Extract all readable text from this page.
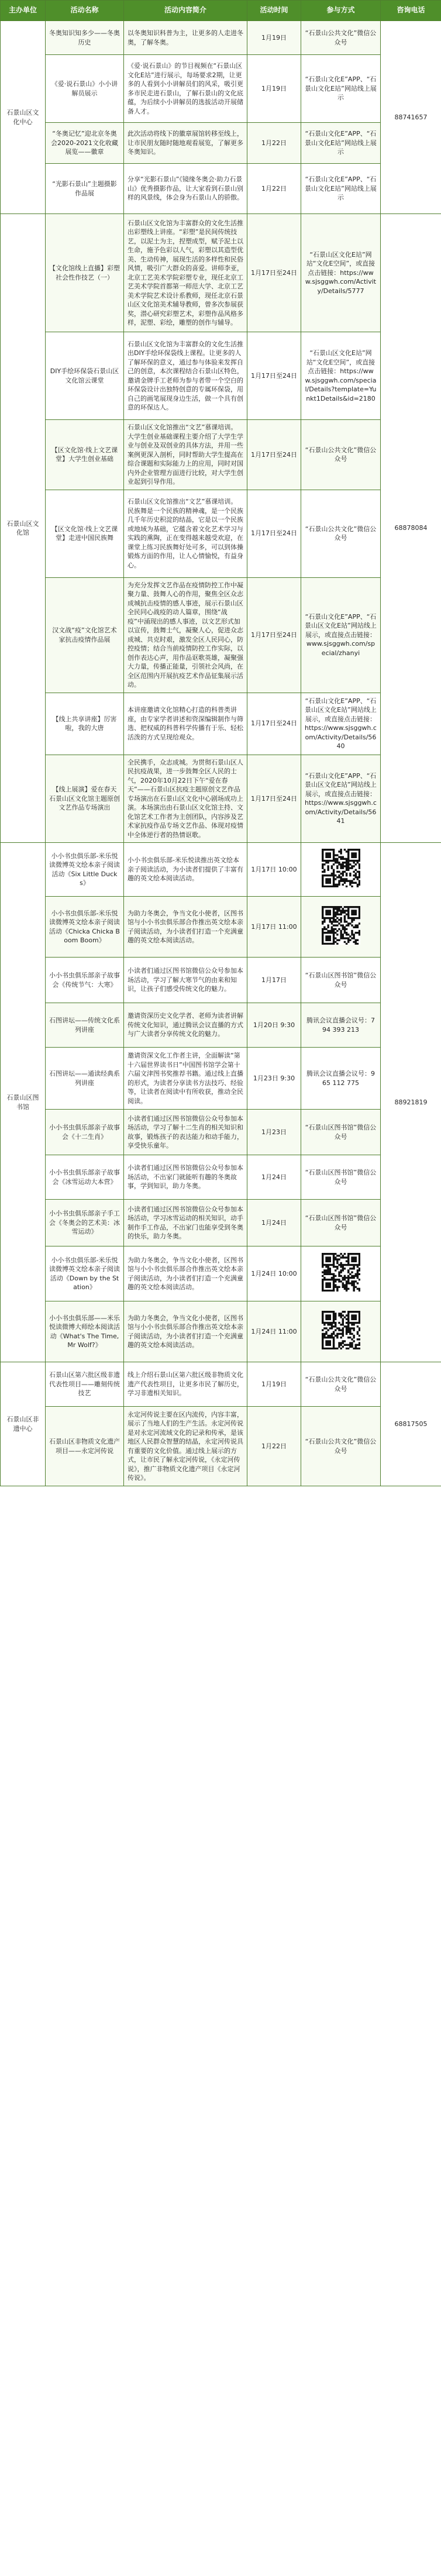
主办单位	活动名称	活动内容简介	活动时间	参与方式	咨询电话
石景山区文化中心	冬奥知识知多少——冬奥历史	以冬奥知识科普为主，让更多的人走进冬奥，了解冬奥。	1月19日	“石景山公共文化”微信公众号	88741657
	《爱·说石景山》小小讲解员展示	《爱·说石景山》的节目视频在“石景山区文化E站”进行展示，每场要求2期，让更多的人看到小小讲解员们的风采，吸引更多市民走进石景山，了解石景山的文化底蕴，为后续小小讲解员的选拔活动开展储备人才。	1月19日	“石景山文化E”APP、“石景山文化E站”网站线上展示	
	“冬奥记忆”迎北京冬奥会2020-2021文化收藏展览——徽章	此次活动将线下的徽章展馆转移至线上，让市民朋友随时随地观看展览，了解更多冬奥知识。	1月22日	“石景山文化E”APP、“石景山文化E站”网站线上展示	
	“光影石景山”主题摄影作品展	分享“光影石景山”《镜缘冬奥会·助力石景山》优秀摄影作品，让大家看到石景山别样的风景线，体会身为石景山人的骄傲。	1月22日	“石景山文化E”APP、“石景山文化E站”网站线上展示	
石景山区文化馆	【文化馆线上直播】彩塑社会性作技艺（一）	石景山区文化馆为丰富群众的文化生活推出彩塑线上讲座。“彩塑”是民间传统技艺，以泥土为主，捏塑成型，赋予泥土以生命，施予色彩以人气，彩塑以其造型优美、生动传神，展现生活的多样性和民俗风情，吸引广大群众的喜爱。讲师李亚，北京工艺美术学院彩塑专业，现任北京工艺美术学院首都第一师范大学、北京工艺美术学院艺术设计系教师，现任北京石景山区文化馆美术辅导教师，曾多次参展获奖，潜心研究彩塑艺术，彩塑作品风格多样，泥塑、彩绘，雕塑的创作与辅导。	1月17日至24日	“石景山区文化E站”网站“文化E空间”，或直接点击链接：https://www.sjsggwh.com/Activity/Details/5777	68878084
	DIY手绘环保袋石景山区文化馆云课堂	石景山区文化馆为丰富群众的文化生活推出DIY手绘环保袋线上课程。让更多的人了解环保的意义，通过参与体验来发挥自己的创意，本次课程结合石景山区特色，邀请金牌手工老师为参与者带一个空白的环保袋设计出独特创意的专属环保袋，用自己的画笔展现身边生活，做一个具有创意的环保达人。	1月17日至24日	“石景山区文化E站”网站“文化E空间”，或直接点击链接：https://www.sjsggwh.com/special/Details?template=Yunkt1Details&id=2180	
	【区文化馆·线上文艺课堂】大学生创业基础	石景山区文化馆推出“文艺”慕课培训。大学生创业基础课程主要介绍了大学生学业与创业及双创业的具体方法，并用一些案例更深入剖析，同时帮助大学生提高在综合课题和实际能力上的应用，同时对国内外企业管理方面进行比较，对大学生创业起到引导作用。	1月17日至24日	“石景山公共文化”微信公众号	
	【区文化馆·线上文艺课堂】走进中国民族舞	石景山区文化馆推出“文艺”慕课培训。民族舞是一个民族的精神魂，是一个民族几千年历史积淀的结晶，它是以一个民族或地域为基础，它蕴含着文化艺术学习与实践的熏陶，正在变得越来越受欢迎，在课堂上练习民族舞好处可多，可以到体操锻炼方面的作用，让人心情愉悦，有益身心。	1月17日至24日	“石景山公共文化”微信公众号	
	汉文战“疫”文化馆艺术家抗击疫情作品展	为充分发挥文艺作品在疫情防控工作中凝聚力量、鼓舞人心的作用，聚焦全区众志成城抗击疫情的感人事迹，展示石景山区全民同心战疫的动人篇章，围绕“战疫”中涌现出的感人事迹，以文艺形式加以宣传，鼓舞士气，凝聚人心，促进众志成城、共克时艰，激发全区人民同心，防控疫情；结合当前疫情防控工作实际，以创作表达心声，用作品讴歌英雄，凝聚强大力量，传播正能量，引领社会风尚，在全区范围内开展抗疫艺术作品征集展示活动。	1月17日至24日	“石景山文化E”APP、“石景山区文化E站”网站线上展示，或直接点击链接：www.sjsggwh.com/special/zhanyi	
	【线上共享讲座】厉害啦，我的大唐	本讲座邀请文化馆精心打造的科普类讲座，由专家学者讲述和资深编辑制作与筛选、把权威的科普科学传播有于乐、轻松活泼的方式呈现给观众。	1月17日至24日	“石景山文化E”APP、“石景山区文化E站”网站线上展示，或直接点击链接：https://www.sjsggwh.com/Activity/Details/5640	
	【线上展演】爱在春天 石景山区文化馆主题原创文艺作品专场演出	全民携手，众志成城。为贯彻石景山区人民抗疫战果，进一步鼓舞全区人民的士气，2020年10月22日下午“爱在春天”——石景山区抗疫主题原创文艺作品专场演出在石景山区文化中心剧场成功上演。本场演出由石景山区文化馆主持、文化馆艺术工作者为主创团队，内容涉及艺术家抗疫作品专场文艺作品、体现对疫情中全体逆行者的热情讴歌。	1月17日至24日	“石景山文化E”APP、“石景山区文化E站”网站线上展示，或直接点击链接：https://www.sjsggwh.com/Activity/Details/5641	
石景山区图书馆	小小书虫俱乐部-米乐悦读微博英文绘本亲子阅读活动《Six Little Ducks》	小小书虫俱乐部-米乐悦读推出英文绘本亲子阅读活动，为小读者们提供了丰富有趣的英文绘本阅读活动。	1月17日 10:00		88921819
	小小书虫俱乐部-米乐悦读微博英文绘本亲子阅读活动《Chicka Chicka Boom Boom》	为助力冬奥会，争当文化小使者，区图书馆与小小书虫俱乐部合作推出英文绘本亲子阅读活动，为小读者们打造一个充满童趣的英文绘本阅读活动。	1月17日 11:00	

	小小书虫俱乐部亲子故事会《传统节气：大寒》	小读者们通过区图书馆微信公众号参加本场活动，学习了解大寒节气的由来和知识，让孩子们感受传统文化的魅力。	1月17日	“石景山区图书馆”微信公众号	
	石图讲坛——传统文化系列讲座	邀请资深历史文化学者、老师为读者讲解传统文化知识，通过腾讯会议直播的方式与广大读者分享传统文化的魅力。	1月20日 9:30	腾讯会议直播会议号：794 393 213	
	石图讲坛——通读经典系列讲座	邀请资深文化工作者主讲，全面解读“第十六届世界读书日”中国图书馆学会第十六届文津图书奖推荐书籍。通过线上直播的形式，为读者分享读书方法技巧、经验等，让读者在阅读中有所收获，推动全民阅读。	1月23日 9:30	腾讯会议直播会议号：965 112 775	
	小小书虫俱乐部亲子故事会《十二生肖》	小读者们通过区图书馆微信公众号参加本场活动，学习了解十二生肖的相关知识和故事，锻炼孩子的表达能力和动手能力，享受快乐童年。	1月23日	“石景山区图书馆”微信公众号	
	小小书虫俱乐部亲子故事会《冰雪运动大本营》	小读者们通过区图书馆微信公众号参加本场活动，不出家门就能听有趣的冬奥故事，学到知识，助力冬奥。	1月24日	“石景山区图书馆”微信公众号	
	小小书虫俱乐部亲子手工会《冬奥会的艺术美：冰雪运动》	小读者们通过区图书馆微信公众号参加本场活动，学习冰雪运动的相关知识，动手制作手工作品，不出家门也能享受到冬奥的快乐，助力冬奥。	1月24日	“石景山区图书馆”微信公众号	
	小小书虫俱乐部-米乐悦读微博英文绘本亲子阅读活动《Down by the Station》	为助力冬奥会，争当文化小使者，区图书馆与小小书虫俱乐部合作推出英文绘本亲子阅读活动，为小读者们打造一个充满童趣的英文绘本阅读活动。	1月24日 10:00	

	小小书虫俱乐部——米乐悦读微博大师绘本阅读活动《What's The Time,Mr Wolf?》	为助力冬奥会，争当文化小使者，区图书馆与小小书虫俱乐部合作推出英文绘本亲子阅读活动，为小读者们打造一个充满童趣的英文绘本阅读活动。	1月24日 11:00	

石景山区非遗中心	石景山区第六批区级非遗代表性项目——雕刻传统技艺	线上介绍石景山区第六批区级非物质文化遗产代表性项目，让更多市民了解历史，学习非遗相关知识。	1月19日	“石景山公共文化”微信公众号	68817505
	石景山区非物质文化遗产项目——永定河传说	永定河传说主要在区内流传，内容丰富，展示了当地人们的生产生活。永定河传说是对永定河流域文化的记录和传承，是该地区人民群众智慧的结晶，永定河传说具有重要的文化价值。通过线上展示的方式，让市民了解永定河传说，《永定河传说》，推广非物质文化遗产项目《永定河传说》。	1月22日	“石景山公共文化”微信公众号	
